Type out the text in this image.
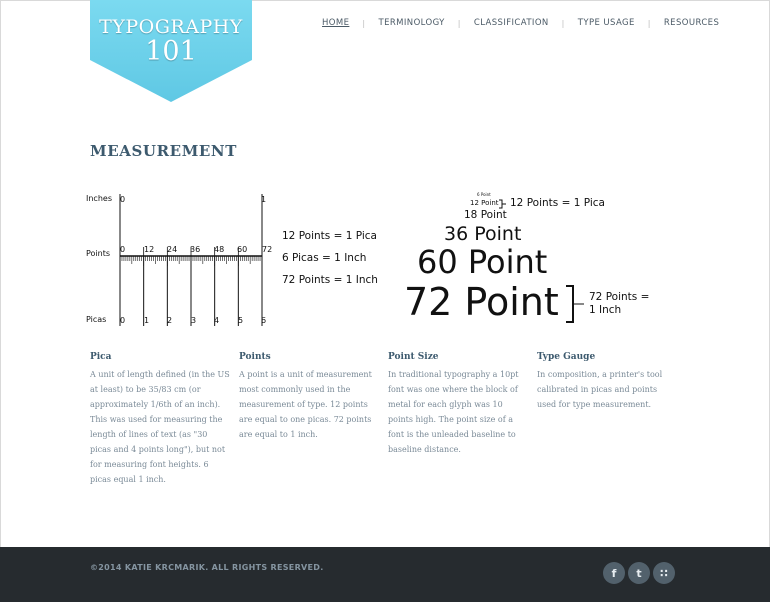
TYPOGRAPHY
101
HOME | TERMINOLOGY | CLASSIFICATION | TYPE USAGE | RESOURCES
MEASUREMENT
Inches
Points
Picas
0	1
0 12 24 36 48 60 72
0 1 2 3 4 5 6
12 Points = 1 Pica
6 Picas = 1 Inch
72 Points = 1 Inch
6 Point
12 Point 12 Points = 1 Pica
18 Point
36 Point
60 Point
72 Point	72 Points =
1 Inch
Pica

A unit of length defined (in the US at least) to be 35/83 cm (or approximately 1/6th of an inch). This was used for measuring the length of lines of text (as "30 picas and 4 points long"), but not for measuring font heights. 6 picas equal 1 inch.

Points

A point is a unit of measurement most commonly used in the measurement of type. 12 points are equal to one picas. 72 points are equal to 1 inch.

Point Size

In traditional typography a 10pt font was one where the block of metal for each glyph was 10 points high. The point size of a font is the unleaded baseline to baseline distance.

Type Gauge

In composition, a printer's tool calibrated in picas and points used for type measurement.

©2014 KATIE KRCMARIK. ALL RIGHTS RESERVED.	f	t	∷
